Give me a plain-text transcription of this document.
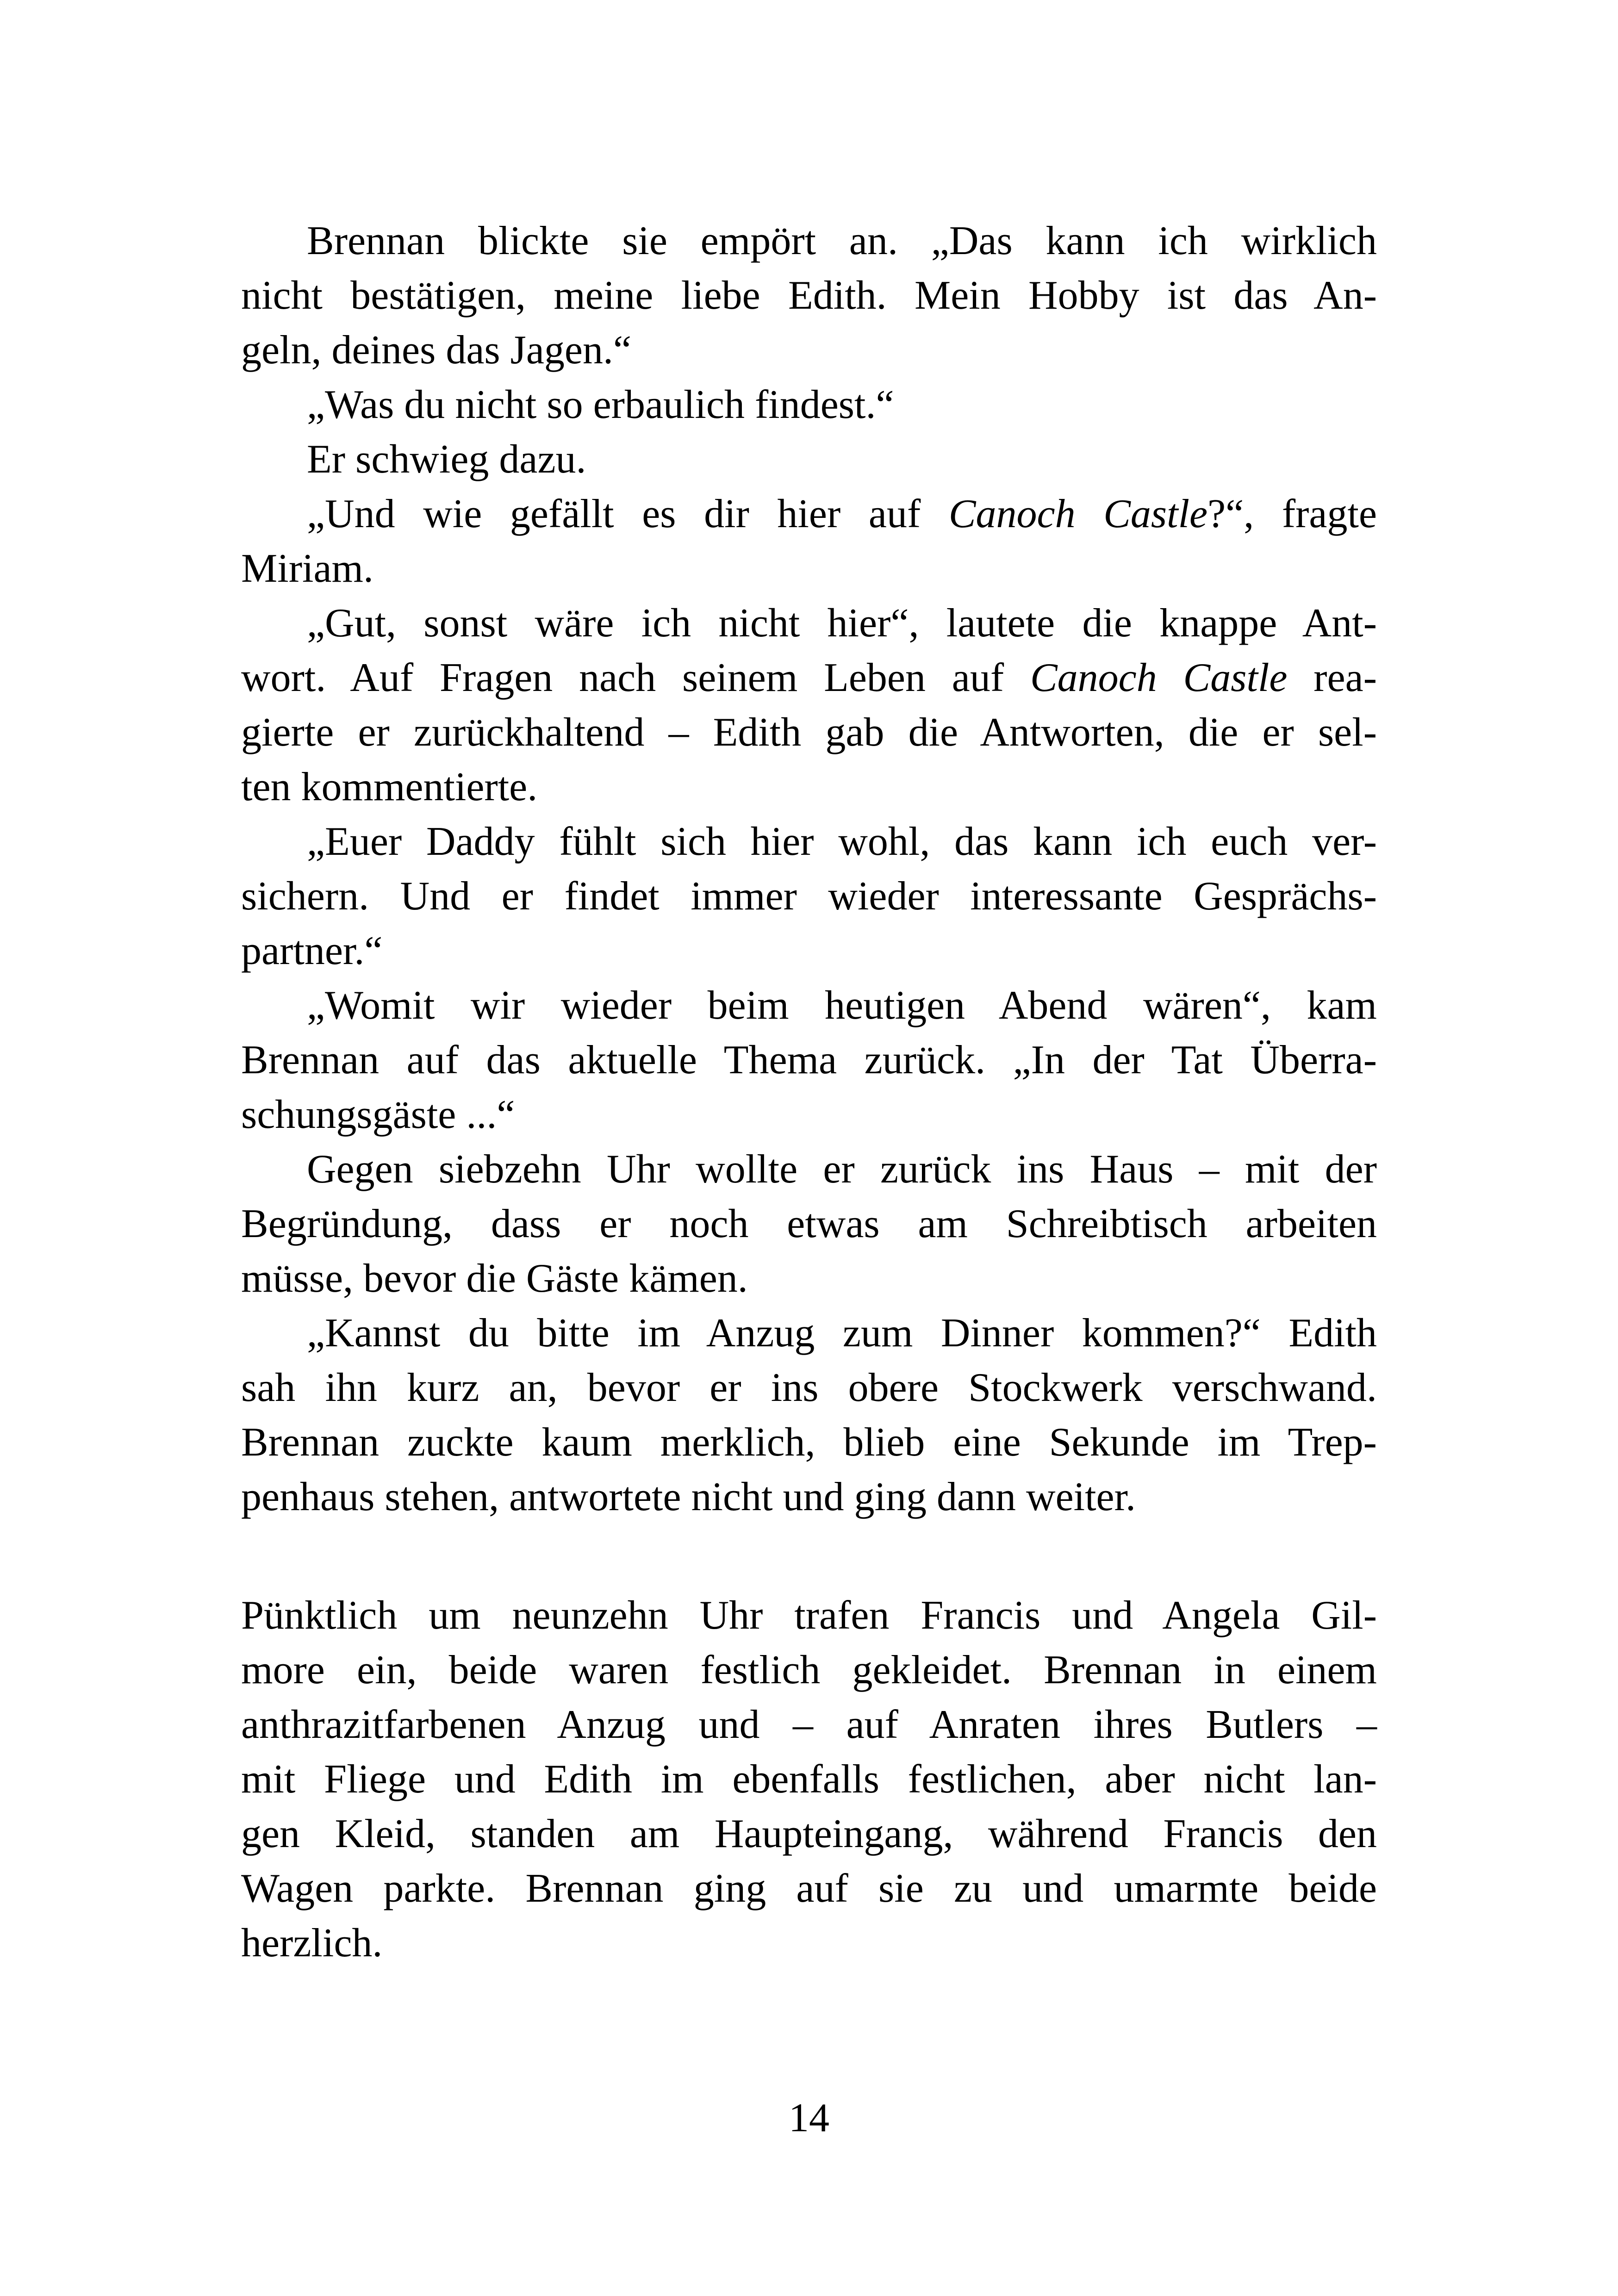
Brennan blickte sie empört an. „Das kann ich wirklich
nicht bestätigen, meine liebe Edith. Mein Hobby ist das An-
geln, deines das Jagen.“
„Was du nicht so erbaulich findest.“
Er schwieg dazu.
„Und wie gefällt es dir hier auf Canoch Castle?“, fragte
Miriam.
„Gut, sonst wäre ich nicht hier“, lautete die knappe Ant-
wort. Auf Fragen nach seinem Leben auf Canoch Castle rea-
gierte er zurückhaltend – Edith gab die Antworten, die er sel-
ten kommentierte.
„Euer Daddy fühlt sich hier wohl, das kann ich euch ver-
sichern. Und er findet immer wieder interessante Gesprächs-
partner.“
„Womit wir wieder beim heutigen Abend wären“, kam
Brennan auf das aktuelle Thema zurück. „In der Tat Überra-
schungsgäste ...“
Gegen siebzehn Uhr wollte er zurück ins Haus – mit der
Begründung, dass er noch etwas am Schreibtisch arbeiten
müsse, bevor die Gäste kämen.
„Kannst du bitte im Anzug zum Dinner kommen?“ Edith
sah ihn kurz an, bevor er ins obere Stockwerk verschwand.
Brennan zuckte kaum merklich, blieb eine Sekunde im Trep-
penhaus stehen, antwortete nicht und ging dann weiter.
Pünktlich um neunzehn Uhr trafen Francis und Angela Gil-
more ein, beide waren festlich gekleidet. Brennan in einem
anthrazitfarbenen Anzug und – auf Anraten ihres Butlers –
mit Fliege und Edith im ebenfalls festlichen, aber nicht lan-
gen Kleid, standen am Haupteingang, während Francis den
Wagen parkte. Brennan ging auf sie zu und umarmte beide
herzlich.
14
